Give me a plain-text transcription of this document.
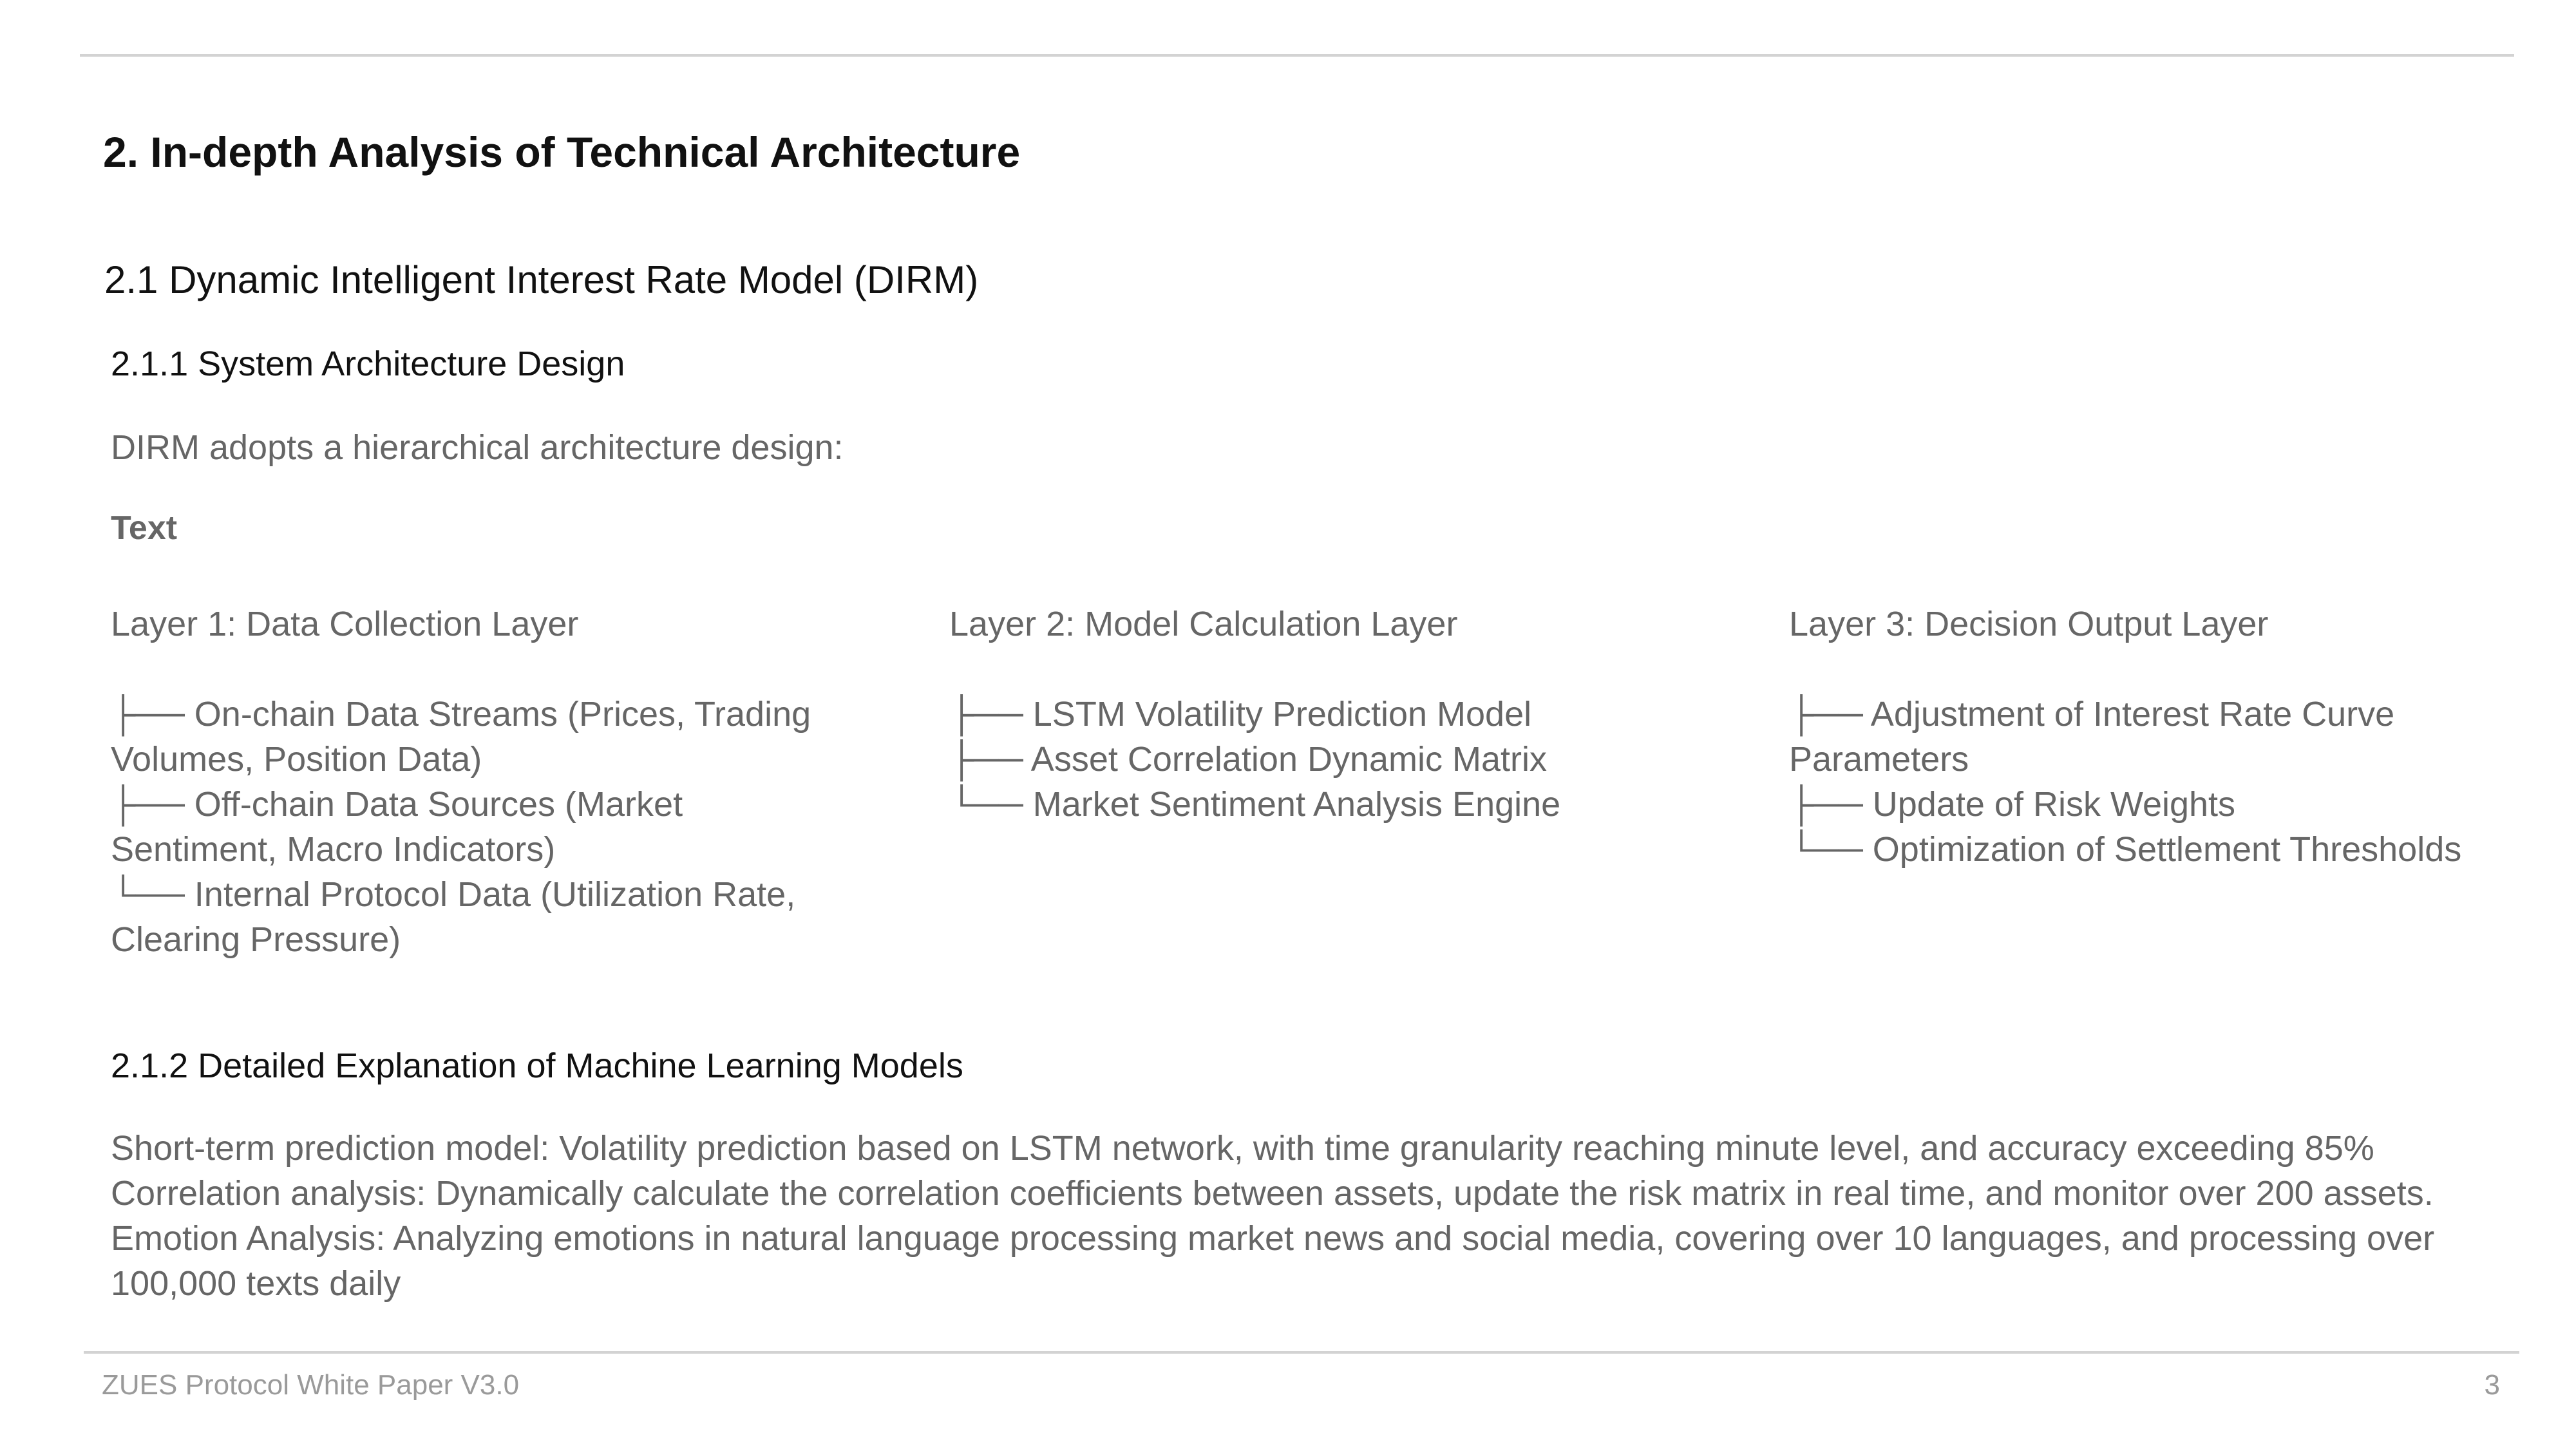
2. In-depth Analysis of Technical Architecture
2.1 Dynamic Intelligent Interest Rate Model (DIRM)
2.1.1 System Architecture Design
DIRM adopts a hierarchical architecture design:
Text
Layer 1: Data Collection Layer
├── On-chain Data Streams (Prices, Trading Volumes, Position Data)
├── Off-chain Data Sources (Market Sentiment, Macro Indicators)
└── Internal Protocol Data (Utilization Rate, Clearing Pressure)
Layer 2: Model Calculation Layer
├── LSTM Volatility Prediction Model
├── Asset Correlation Dynamic Matrix
└── Market Sentiment Analysis Engine
Layer 3: Decision Output Layer
├── Adjustment of Interest Rate Curve Parameters
├── Update of Risk Weights
└── Optimization of Settlement Thresholds
2.1.2 Detailed Explanation of Machine Learning Models
Short-term prediction model: Volatility prediction based on LSTM network, with time granularity reaching minute level, and accuracy exceeding 85%
Correlation analysis: Dynamically calculate the correlation coefficients between assets, update the risk matrix in real time, and monitor over 200 assets.
Emotion Analysis: Analyzing emotions in natural language processing market news and social media, covering over 10 languages, and processing over 100,000 texts daily
ZUES Protocol White Paper V3.0	3
